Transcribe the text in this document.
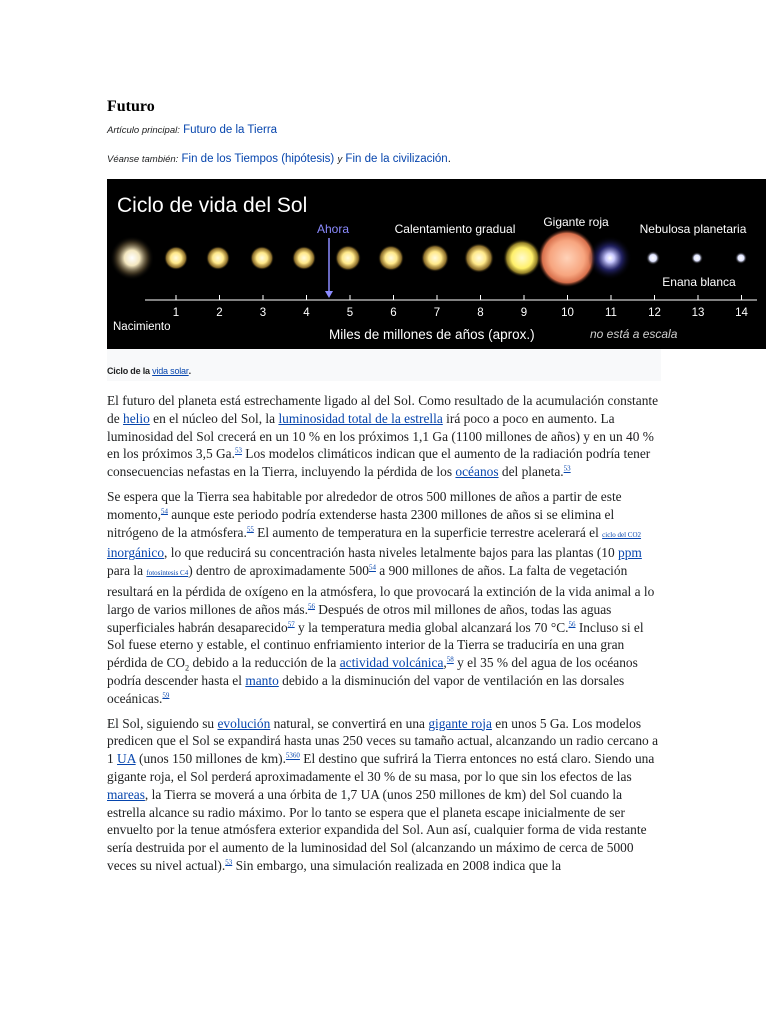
Futuro

Artículo principal: Futuro de la Tierra

Véanse también: Fin de los Tiempos (hipótesis) y Fin de la civilización.

Ciclo de vida del Sol
Ahora	Calentamiento gradual Gigante roja	Nebulosa planetaria
Enana blanca
1	2	3	4	5	6	7	8	9	10	11	12	13	14
Nacimiento	Miles de millones de años (aprox.)	no está a escala
Ciclo de la vida solar.

El futuro del planeta está estrechamente ligado al del Sol. Como resultado de la acumulación constante de helio en el núcleo del Sol, la luminosidad total de la estrella irá poco a poco en aumento. La luminosidad del Sol crecerá en un 10 % en los próximos 1,1 Ga (1100 millones de años) y en un 40 % en los próximos 3,5 Ga.$^{53}$ Los modelos climáticos indican que el aumento de la radiación podría tener consecuencias nefastas en la Tierra, incluyendo la pérdida de los océanos del planeta.$^{53}$

Se espera que la Tierra sea habitable por alrededor de otros 500 millones de años a partir de este momento,$^{54}$ aunque este periodo podría extenderse hasta 2300 millones de años si se elimina el nitrógeno de la atmósfera.$^{55}$ El aumento de temperatura en la superficie terrestre acelerará el ciclo del CO2 inorgánico, lo que reducirá su concentración hasta niveles letalmente bajos para las plantas (10 ppm para la fotosíntesis C4) dentro de aproximadamente $500^{54}$ a 900 millones de años. La falta de vegetación resultará en la pérdida de oxígeno en la atmósfera, lo que provocará la extinción de la vida animal a lo largo de varios millones de años más.$^{56}$ Después de otros mil millones de años, todas las aguas superficiales habrán desaparecido$^{57}$ y la temperatura media global alcanzará los 70 °C.$^{56}$ Incluso si el Sol fuese eterno y estable, el continuo enfriamiento interior de la Tierra se traduciría en una gran pérdida de $CO_2$ debido a la reducción de la actividad volcánica,$^{58}$ y el 35 % del agua de los océanos podría descender hasta el manto debido a la disminución del vapor de ventilación en las dorsales oceánicas.$^{59}$

El Sol, siguiendo su evolución natural, se convertirá en una gigante roja en unos 5 Ga. Los modelos predicen que el Sol se expandirá hasta unas 250 veces su tamaño actual, alcanzando un radio cercano a 1 UA (unos 150 millones de km).$^{5360}$ El destino que sufrirá la Tierra entonces no está claro. Siendo una gigante roja, el Sol perderá aproximadamente el 30 % de su masa, por lo que sin los efectos de las mareas, la Tierra se moverá a una órbita de 1,7 UA (unos 250 millones de km) del Sol cuando la estrella alcance su radio máximo. Por lo tanto se espera que el planeta escape inicialmente de ser envuelto por la tenue atmósfera exterior expandida del Sol. Aun así, cualquier forma de vida restante sería destruida por el aumento de la luminosidad del Sol (alcanzando un máximo de cerca de 5000 veces su nivel actual).$^{53}$ Sin embargo, una simulación realizada en 2008 indica que la
